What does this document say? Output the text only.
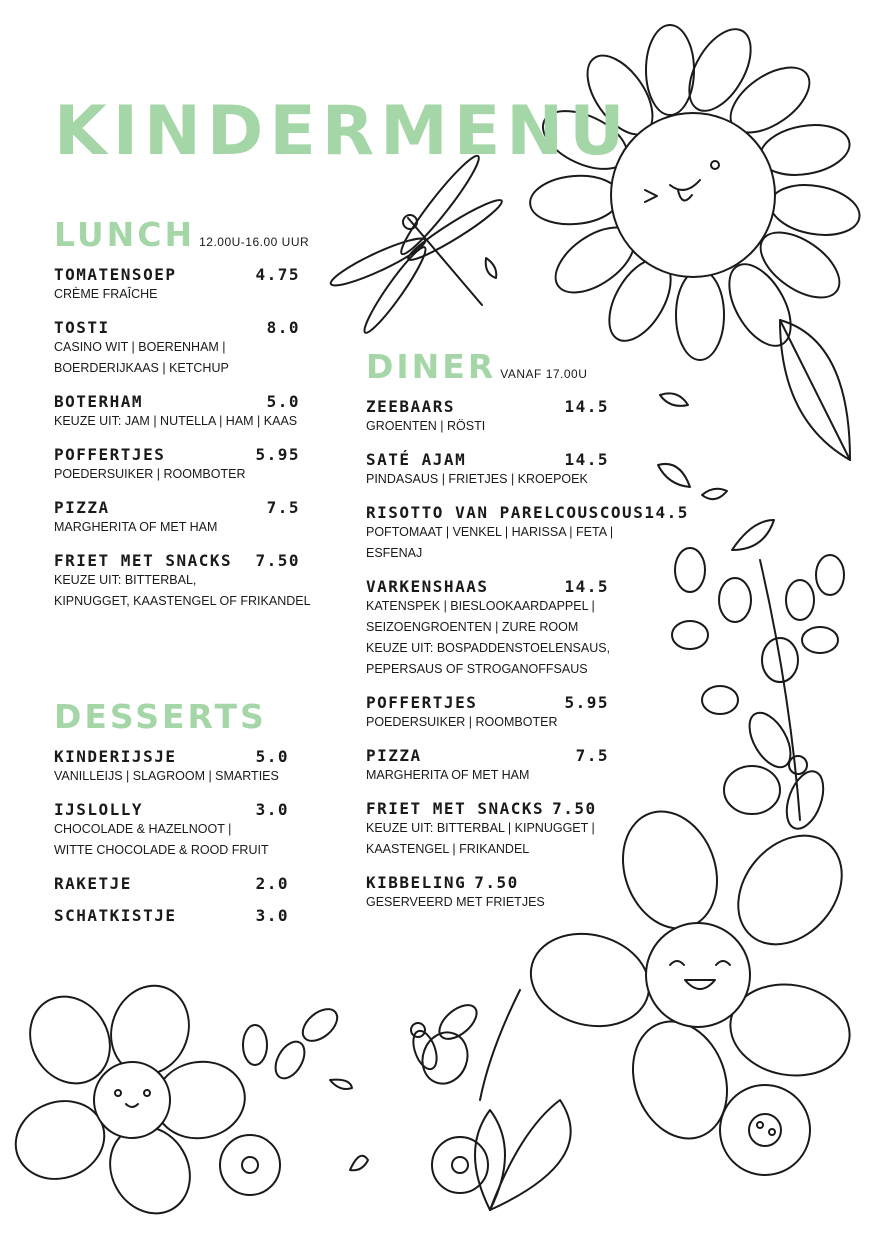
KINDERMENU
LUNCH 12.00U-16.00 UUR
TOMATENSOEP	4.75
CRÈME FRAÎCHE
TOSTI	8.0
CASINO WIT | BOERENHAM |
BOERDERIJKAAS | KETCHUP
BOTERHAM	5.0
KEUZE UIT: JAM | NUTELLA | HAM | KAAS
POFFERTJES	5.95
POEDERSUIKER | ROOMBOTER
PIZZA	7.5
MARGHERITA OF MET HAM
FRIET MET SNACKS 7.50
KEUZE UIT: BITTERBAL,
KIPNUGGET, KAASTENGEL OF FRIKANDEL
DESSERTS
KINDERIJSJE	5.0
VANILLEIJS | SLAGROOM | SMARTIES
IJSLOLLY	3.0
CHOCOLADE & HAZELNOOT |
WITTE CHOCOLADE & ROOD FRUIT
RAKETJE	2.0
SCHATKISTJE	3.0
DINER VANAF 17.00U
ZEEBAARS	14.5
GROENTEN | RÖSTI
SATÉ AJAM	14.5
PINDASAUS | FRIETJES | KROEPOEK
RISOTTO VAN PARELCOUSCOUS 14.5
POFTOMAAT | VENKEL | HARISSA | FETA |
ESFENAJ
VARKENSHAAS	14.5
KATENSPEK | BIESLOOKAARDAPPEL |
SEIZOENGROENTEN | ZURE ROOM
KEUZE UIT: BOSPADDENSTOELENSAUS,
PEPERSAUS OF STROGANOFFSAUS
POFFERTJES	5.95
POEDERSUIKER | ROOMBOTER
PIZZA	7.5
MARGHERITA OF MET HAM
FRIET MET SNACKS 7.50
KEUZE UIT: BITTERBAL | KIPNUGGET |
KAASTENGEL | FRIKANDEL
KIBBELING 7.50
GESERVEERD MET FRIETJES
